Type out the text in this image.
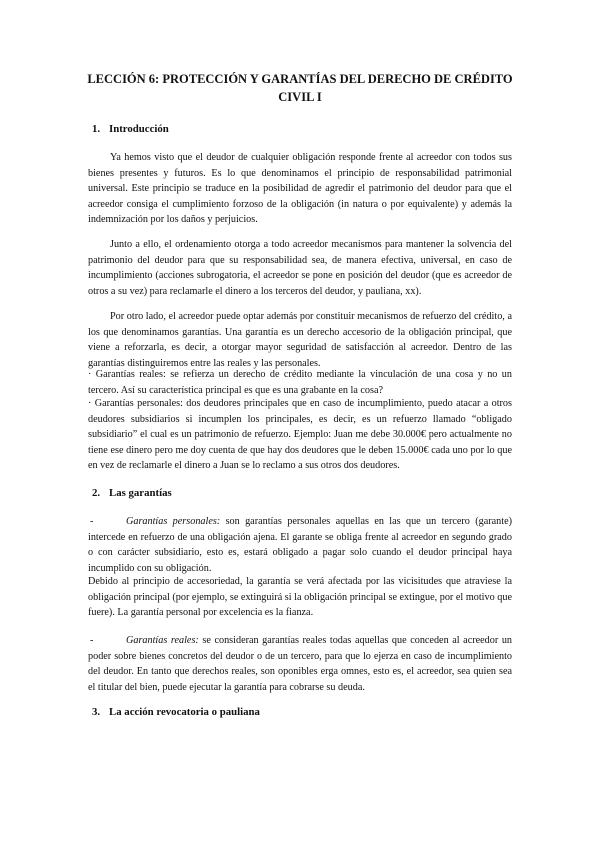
LECCIÓN 6: PROTECCIÓN Y GARANTÍAS DEL DERECHO DE CRÉDITO CIVIL I
1. Introducción

Ya hemos visto que el deudor de cualquier obligación responde frente al acreedor con todos sus bienes presentes y futuros. Es lo que denominamos el principio de responsabilidad patrimonial universal. Este principio se traduce en la posibilidad de agredir el patrimonio del deudor para que el acreedor consiga el cumplimiento forzoso de la obligación (in natura o por equivalente) y además la indemnización por los daños y perjuicios.

Junto a ello, el ordenamiento otorga a todo acreedor mecanismos para mantener la solvencia del patrimonio del deudor para que su responsabilidad sea, de manera efectiva, universal, en caso de incumplimiento (acciones subrogatoria, el acreedor se pone en posición del deudor (que es acreedor de otros a su vez) para reclamarle el dinero a los terceros del deudor, y pauliana, xx).

Por otro lado, el acreedor puede optar además por constituir mecanismos de refuerzo del crédito, a los que denominamos garantías. Una garantía es un derecho accesorio de la obligación principal, que viene a reforzarla, es decir, a otorgar mayor seguridad de satisfacción al acreedor. Dentro de las garantías distinguiremos entre las reales y las personales.

· Garantías reales: se refierza un derecho de crédito mediante la vinculación de una cosa y no un tercero. Así su característica principal es que es una grabante en la cosa?

· Garantías personales: dos deudores principales que en caso de incumplimiento, puedo atacar a otros deudores subsidiarios si incumplen los principales, es decir, es un refuerzo llamado “obligado subsidiario” el cual es un patrimonio de refuerzo. Ejemplo: Juan me debe 30.000€ pero actualmente no tiene ese dinero pero me doy cuenta de que hay dos deudores que le deben 15.000€ cada uno por lo que en vez de reclamarle el dinero a Juan se lo reclamo a sus otros dos deudores.

2. Las garantías

-	Garantías personales: son garantías personales aquellas en las que un tercero (garante) intercede en refuerzo de una obligación ajena. El garante se obliga frente al acreedor en segundo grado o con carácter subsidiario, esto es, estará obligado a pagar solo cuando el deudor principal haya incumplido con su obligación.

Debido al principio de accesoriedad, la garantía se verá afectada por las vicisitudes que atraviese la obligación principal (por ejemplo, se extinguirá si la obligación principal se extingue, por el motivo que fuere). La garantía personal por excelencia es la fianza.

-	Garantías reales: se consideran garantías reales todas aquellas que conceden al acreedor un poder sobre bienes concretos del deudor o de un tercero, para que lo ejerza en caso de incumplimiento del deudor. En tanto que derechos reales, son oponibles erga omnes, esto es, el acreedor, sea quien sea el titular del bien, puede ejecutar la garantía para cobrarse su deuda.

3. La acción revocatoria o pauliana
